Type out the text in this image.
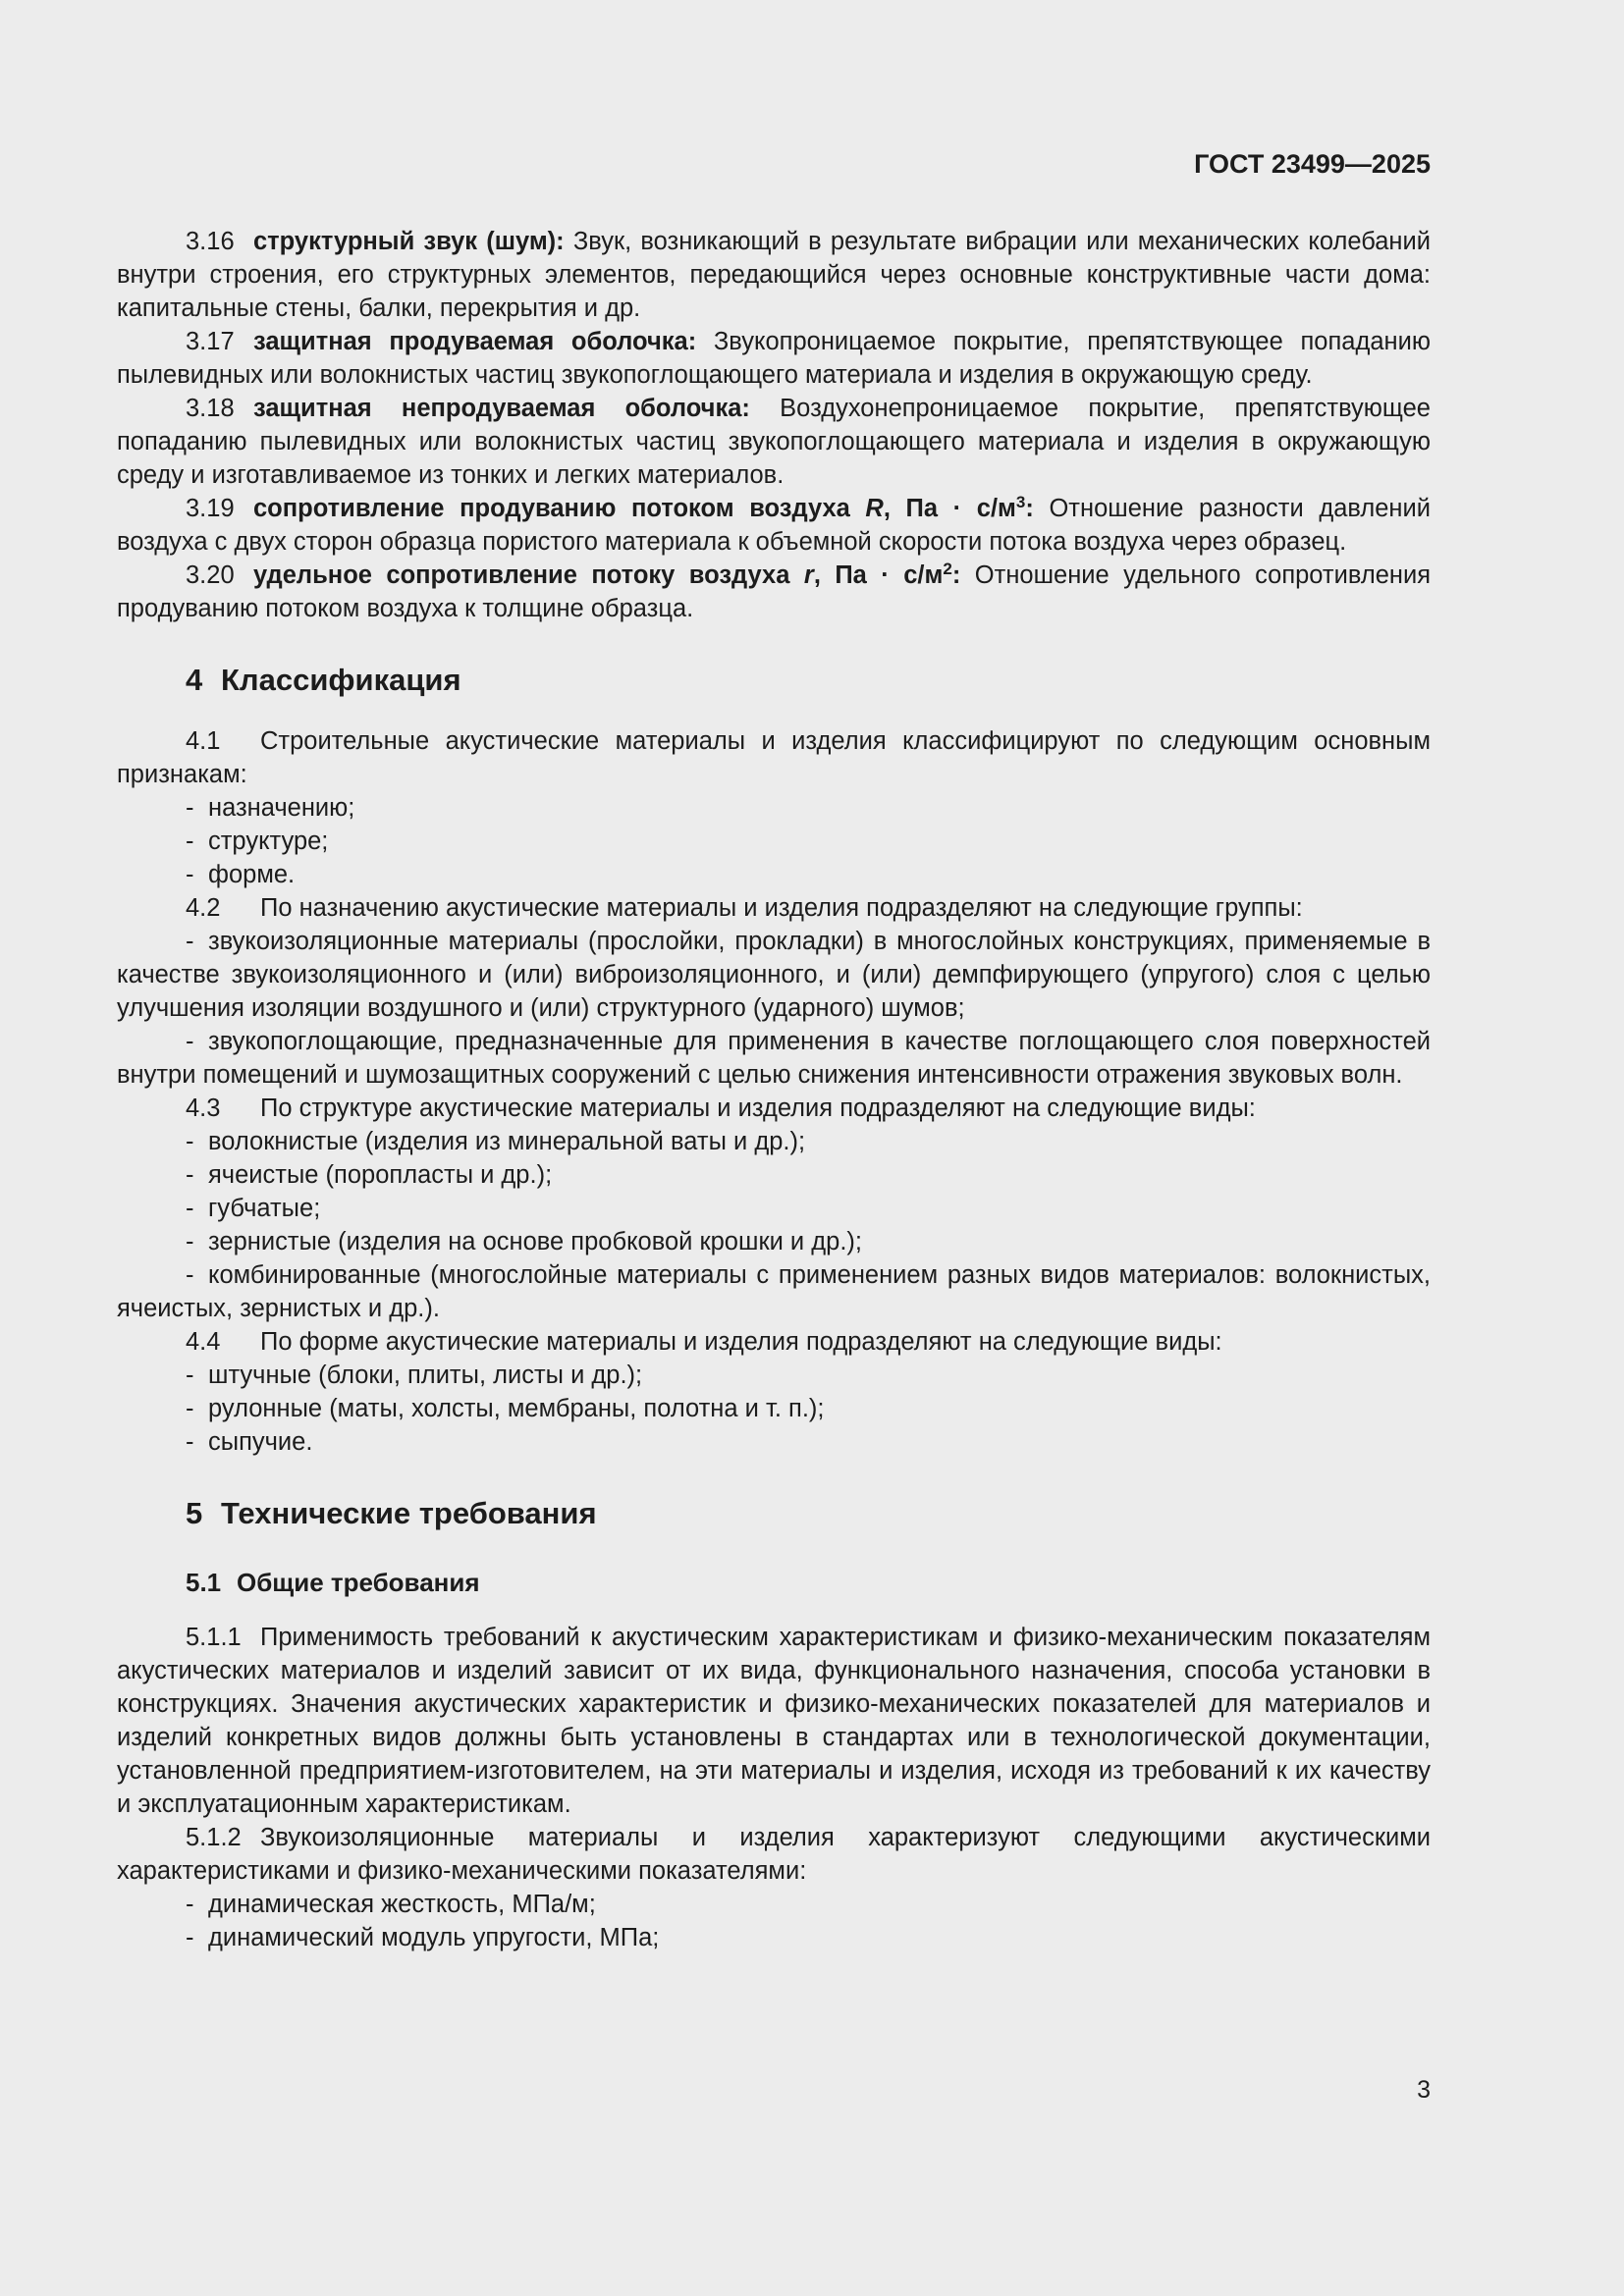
ГОСТ 23499—2025

3.16 структурный звук (шум): Звук, возникающий в результате вибрации или механических колебаний внутри строения, его структурных элементов, передающийся через основные конструктивные части дома: капитальные стены, балки, перекрытия и др.

3.17 защитная продуваемая оболочка: Звукопроницаемое покрытие, препятствующее попаданию пылевидных или волокнистых частиц звукопоглощающего материала и изделия в окружающую среду.

3.18 защитная непродуваемая оболочка: Воздухонепроницаемое покрытие, препятствующее попаданию пылевидных или волокнистых частиц звукопоглощающего материала и изделия в окружающую среду и изготавливаемое из тонких и легких материалов.

3.19 сопротивление продуванию потоком воздуха R, Па · $с/м^3$: Отношение разности давлений воздуха с двух сторон образца пористого материала к объемной скорости потока воздуха через образец.

3.20 удельное сопротивление потоку воздуха r, Па · $с/м^2$: Отношение удельного сопротивления продуванию потоком воздуха к толщине образца.

4 Классификация

4.1 Строительные акустические материалы и изделия классифицируют по следующим основным признакам:

- назначению;

- структуре;

- форме.

4.2 По назначению акустические материалы и изделия подразделяют на следующие группы:

- звукоизоляционные материалы (прослойки, прокладки) в многослойных конструкциях, применяемые в качестве звукоизоляционного и (или) виброизоляционного, и (или) демпфирующего (упругого) слоя с целью улучшения изоляции воздушного и (или) структурного (ударного) шумов;

- звукопоглощающие, предназначенные для применения в качестве поглощающего слоя поверхностей внутри помещений и шумозащитных сооружений с целью снижения интенсивности отражения звуковых волн.

4.3 По структуре акустические материалы и изделия подразделяют на следующие виды:

- волокнистые (изделия из минеральной ваты и др.);

- ячеистые (поропласты и др.);

- губчатые;

- зернистые (изделия на основе пробковой крошки и др.);

- комбинированные (многослойные материалы с применением разных видов материалов: волокнистых, ячеистых, зернистых и др.).

4.4 По форме акустические материалы и изделия подразделяют на следующие виды:

- штучные (блоки, плиты, листы и др.);

- рулонные (маты, холсты, мембраны, полотна и т. п.);

- сыпучие.

5 Технические требования
5.1 Общие требования

5.1.1 Применимость требований к акустическим характеристикам и физико-механическим показателям акустических материалов и изделий зависит от их вида, функционального назначения, способа установки в конструкциях. Значения акустических характеристик и физико-механических показателей для материалов и изделий конкретных видов должны быть установлены в стандартах или в технологической документации, установленной предприятием-изготовителем, на эти материалы и изделия, исходя из требований к их качеству и эксплуатационным характеристикам.

5.1.2 Звукоизоляционные материалы и изделия характеризуют следующими акустическими характеристиками и физико-механическими показателями:

- динамическая жесткость, МПа/м;

- динамический модуль упругости, МПа;

3
